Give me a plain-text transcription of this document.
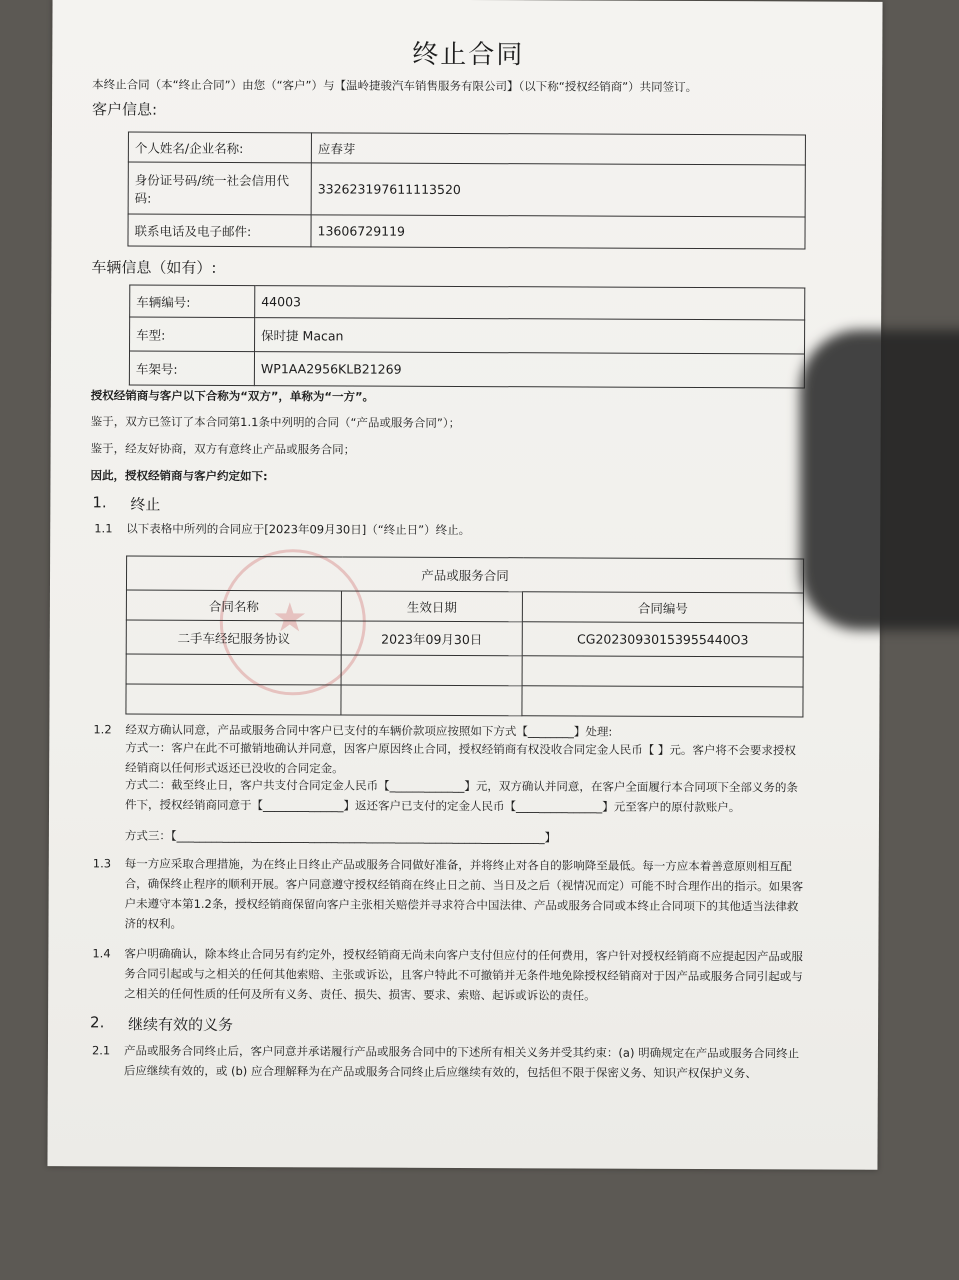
终止合同
本终止合同（本“终止合同”）由您（“客户”）与【温岭捷骏汽车销售服务有限公司】（以下称“授权经销商”）共同签订。
客户信息:
个人姓名/企业名称:	应春芽
身份证号码/统一社会信用代码:	332623197611113520
联系电话及电子邮件:	13606729119
车辆信息（如有）:
车辆编号:	44003
车型:	保时捷 Macan
车架号:	WP1AA2956KLB21269
授权经销商与客户以下合称为“双方”，单称为“一方”。
鉴于，双方已签订了本合同第1.1条中列明的合同（“产品或服务合同”）；
鉴于，经友好协商，双方有意终止产品或服务合同；
因此，授权经销商与客户约定如下:
1. 终止
1.1 以下表格中所列的合同应于[2023年09月30日]（“终止日”）终止。
★
产品或服务合同		
合同名称	生效日期	合同编号
二手车经纪服务协议	2023年09月30日	CG20230930153955440O3

1.2 经双方确认同意，产品或服务合同中客户已支付的车辆价款项应按照如下方式【________】处理:
方式一：客户在此不可撤销地确认并同意，因客户原因终止合同，授权经销商有权没收合同定金人民币【 】元。客户将不会要求授权经销商以任何形式返还已没收的合同定金。
方式二：截至终止日，客户共支付合同定金人民币【_____________】元，双方确认并同意，在客户全面履行本合同项下全部义务的条件下，授权经销商同意于【______________】返还客户已支付的定金人民币【_______________】元至客户的原付款账户。
方式三：【________________________________________________________________】
1.3 每一方应采取合理措施，为在终止日终止产品或服务合同做好准备，并将终止对各自的影响降至最低。每一方应本着善意原则相互配合，确保终止程序的顺利开展。客户同意遵守授权经销商在终止日之前、当日及之后（视情况而定）可能不时合理作出的指示。如果客户未遵守本第1.2条，授权经销商保留向客户主张相关赔偿并寻求符合中国法律、产品或服务合同或本终止合同项下的其他适当法律救济的权利。
1.4 客户明确确认，除本终止合同另有约定外，授权经销商无尚未向客户支付但应付的任何费用，客户针对授权经销商不应提起因产品或服务合同引起或与之相关的任何其他索赔、主张或诉讼，且客户特此不可撤销并无条件地免除授权经销商对于因产品或服务合同引起或与之相关的任何性质的任何及所有义务、责任、损失、损害、要求、索赔、起诉或诉讼的责任。
2. 继续有效的义务
2.1 产品或服务合同终止后，客户同意并承诺履行产品或服务合同中的下述所有相关义务并受其约束：(a) 明确规定在产品或服务合同终止后应继续有效的，或 (b) 应合理解释为在产品或服务合同终止后应继续有效的，包括但不限于保密义务、知识产权保护义务、
